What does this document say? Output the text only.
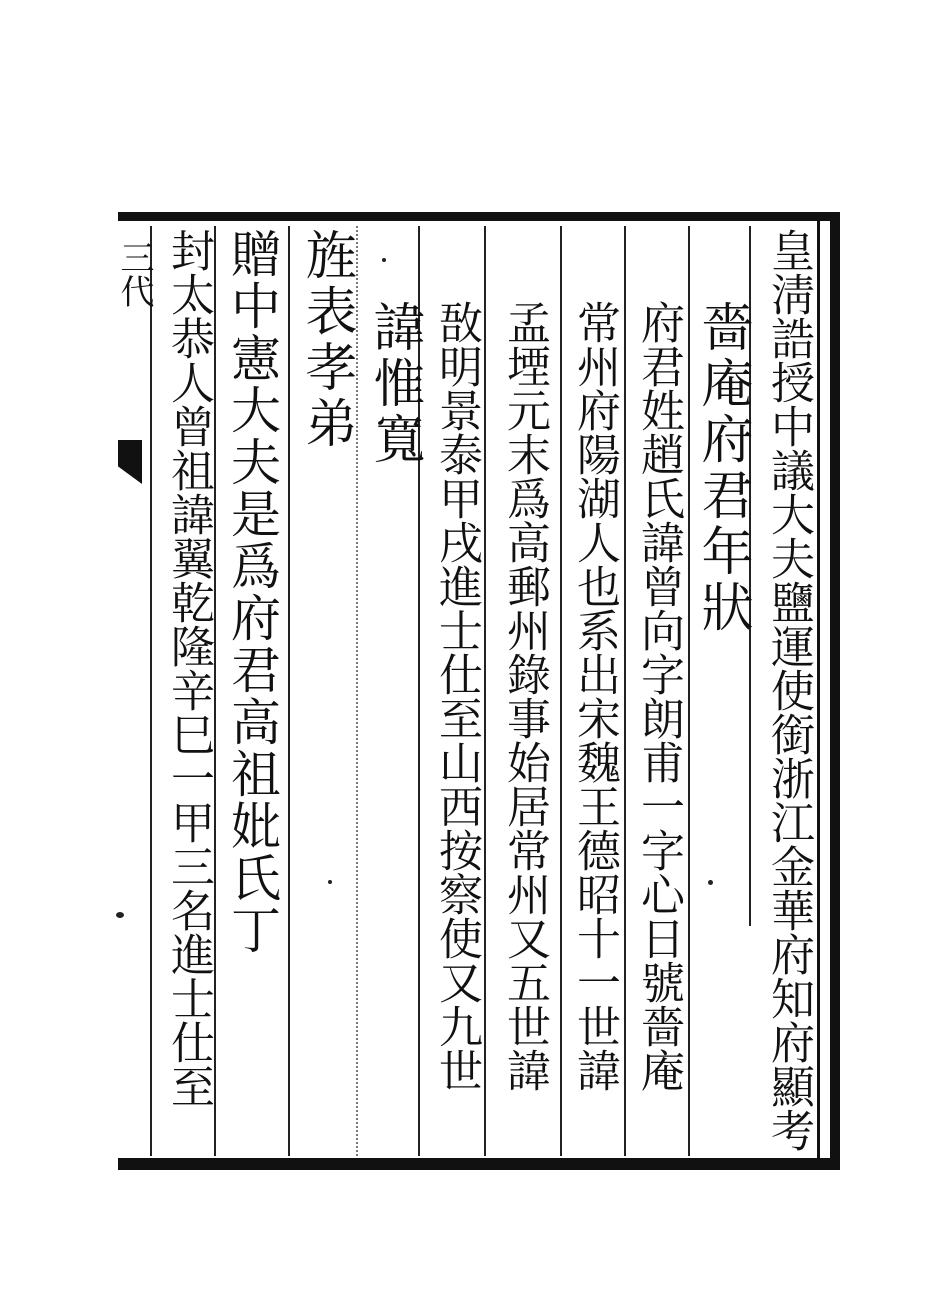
皇淸誥授中議大夫鹽運使銜浙江金華府知府顯考
嗇庵府君年狀
府君姓趙氏諱曾向字朗甫一字心日號嗇庵
常州府陽湖人也系出宋魏王德昭十一世諱
孟堙元末爲高郵州錄事始居常州又五世諱
敔明景泰甲戌進士仕至山西按察使又九世
諱惟寬
旌表孝弟
贈中憲大夫是爲府君高祖妣氏丁
封太恭人曾祖諱翼乾隆辛巳一甲三名進士仕至
三代
